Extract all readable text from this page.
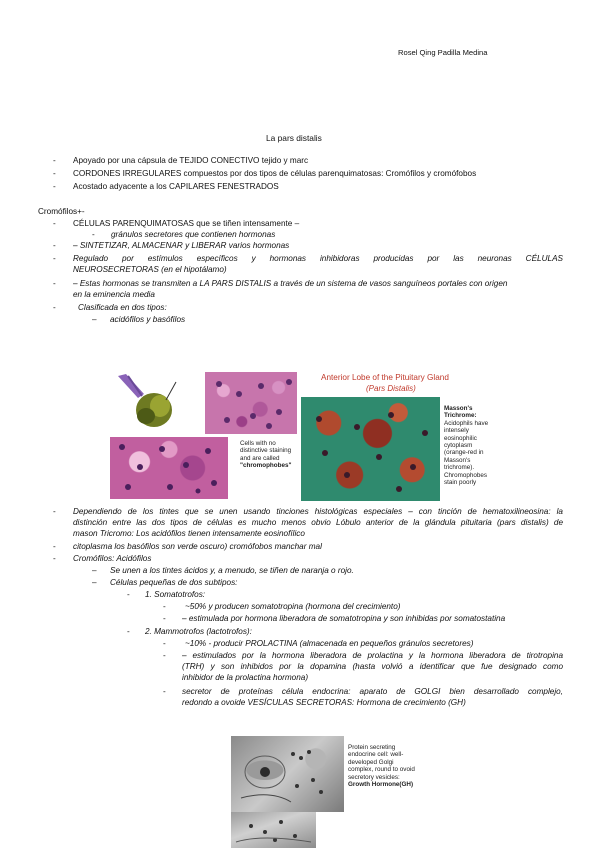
Rosel Qing Padilla Medina
La pars distalis
- Apoyado por una cápsula de TEJIDO CONECTIVO tejido y marc
- CORDONES IRREGULARES compuestos por dos tipos de células parenquimatosas: Cromófilos y cromófobos
- Acostado adyacente a los CAPILARES FENESTRADOS
Cromófilos+-
- CÉLULAS PARENQUIMATOSAS que se tiñen intensamente –
- gránulos secretores que contienen hormonas
- – SINTETIZAR, ALMACENAR y LIBERAR varios hormonas
- Regulado por estímulos específicos y hormonas inhibidoras producidas por las neuronas CÉLULAS
NEUROSECRETORAS (en el hipotálamo)
- – Estas hormonas se transmiten a LA PARS DISTALIS a través de un sistema de vasos sanguíneos portales con origen
en la eminencia media
-	Clasificada en dos tipos:
– acidófilos y basófilos
Cells with no distinctive staining and are called "chromophobes"
Anterior Lobe of the Pituitary Gland
(Pars Distalis)
Masson's
Trichrome:
Acidophils have
intensely
eosinophilic
cytoplasm
(orange-red in
Masson's
trichrome).
Chromophobes
stain poorly
- Dependiendo de los tintes que se unen usando tinciones histológicas especiales – con tinción de hematoxilineosina: la
distinción entre las dos tipos de células es mucho menos obvio Lóbulo anterior de la glándula pituitaria (pars distalis) de
mason Tricromo: Los acidófilos tienen intensamente eosinofílico
- citoplasma los basófilos son verde oscuro) cromófobos manchar mal
- Cromófilos: Acidófilos
– Se unen a los tintes ácidos y, a menudo, se tiñen de naranja o rojo.
– Células pequeñas de dos subtipos:
- 1. Somatotrofos:
- ~50% y producen somatotropina (hormona del crecimiento)
- – estimulada por hormona liberadora de somatotropina y son inhibidas por somatostatina
- 2. Mammotrofos (lactotrofos):
- ~10% - producir PROLACTINA (almacenada en pequeños gránulos secretores)
- – estimulados por la hormona liberadora de prolactina y la hormona liberadora de tirotropina
(TRH) y son inhibidos por la dopamina (hasta volvió a identificar que fue designado como
inhibidor de la prolactina hormona)
- secretor de proteínas célula endocrina: aparato de GOLGI bien desarrollado complejo,
redondo a ovoide VESÍCULAS SECRETORAS: Hormona de crecimiento (GH)
Protein secreting
endocrine cell: well-
developed Golgi
complex, round to ovoid
secretory vesicles:
Growth Hormone(GH)
